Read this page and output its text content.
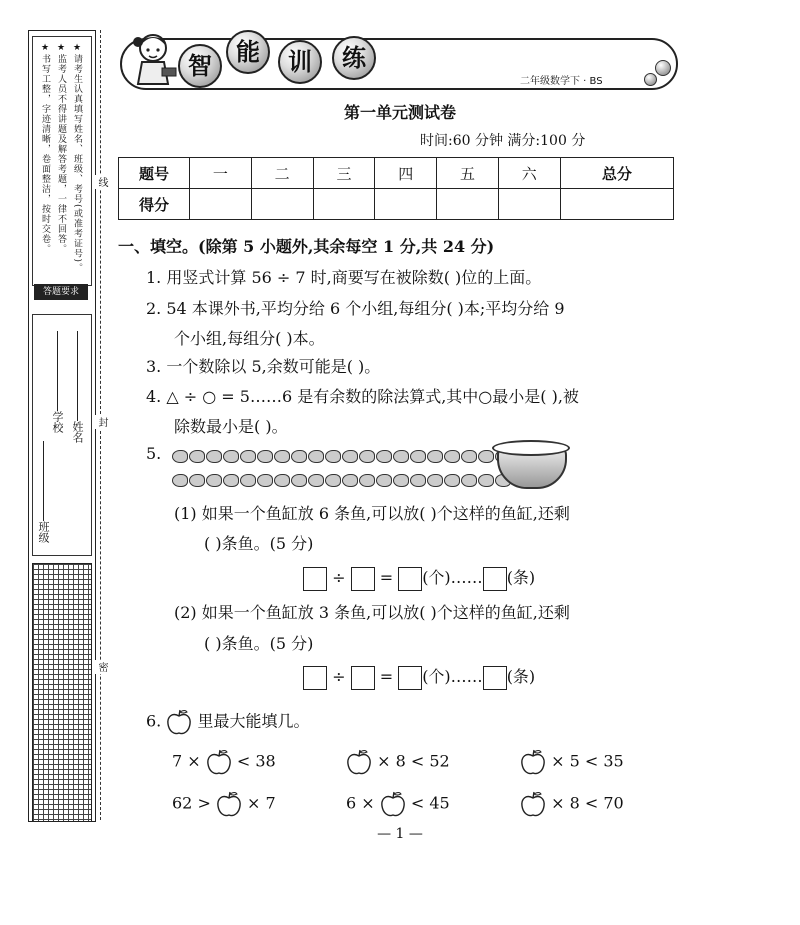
★请考生认真填写姓名、班级、考号(或准考证号)。
★监考人员不得讲题及解答考题，一律不回答。
★书写工整，字迹清晰，卷面整洁，按时交卷。
答题要求
姓名
学校
班级
线
封
密
智	能	训	练
二年级数学下 · BS
第一单元测试卷
时间:60 分钟 满分:100 分
题号	一	二	三	四	五	六	总分
得分							
一、填空。(除第 5 小题外,其余每空 1 分,共 24 分)
1. 用竖式计算 56 ÷ 7 时,商要写在被除数( )位的上面。
2. 54 本课外书,平均分给 6 个小组,每组分( )本;平均分给 9
个小组,每组分( )本。
3. 一个数除以 5,余数可能是( )。
4. △ ÷ ○ = 5……6 是有余数的除法算式,其中○最小是( ),被
除数最小是( )。
5.
(1) 如果一个鱼缸放 6 条鱼,可以放( )个这样的鱼缸,还剩
( )条鱼。(5 分)
÷ = (个)…… (条)
(2) 如果一个鱼缸放 3 条鱼,可以放( )个这样的鱼缸,还剩
( )条鱼。(5 分)
÷ = (个)…… (条)
6. 里最大能填几。
7 × < 38	× 8 < 52	× 5 < 35
62 > × 7	6 × < 45	× 8 < 70
— 1 —
